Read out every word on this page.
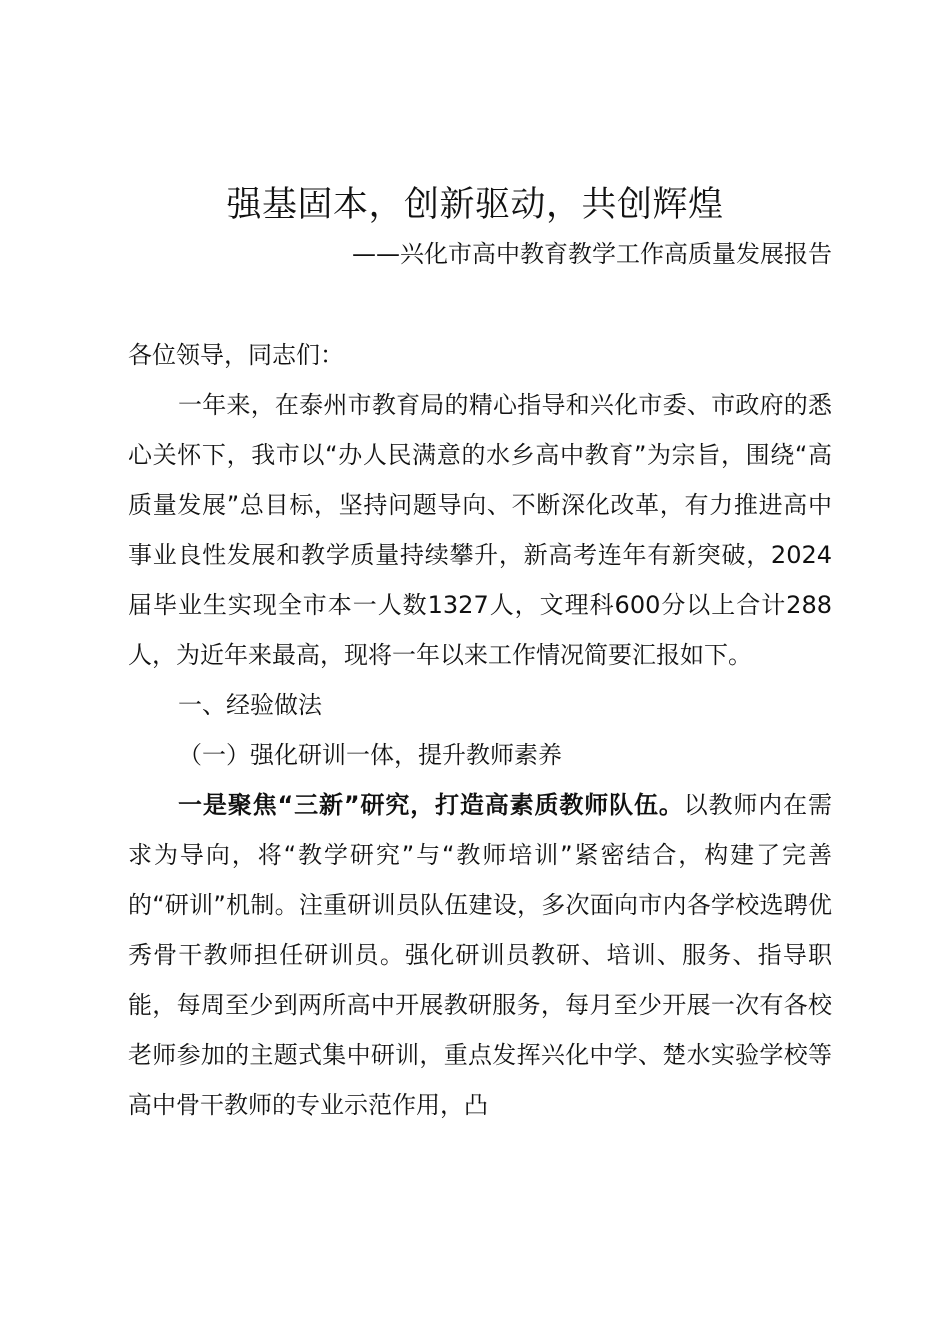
强基固本，创新驱动，共创辉煌
——兴化市高中教育教学工作高质量发展报告

各位领导，同志们：

一年来，在泰州市教育局的精心指导和兴化市委、市政府的悉心关怀下，我市以“办人民满意的水乡高中教育”为宗旨，围绕“高质量发展”总目标，坚持问题导向、不断深化改革，有力推进高中事业良性发展和教学质量持续攀升，新高考连年有新突破，2024届毕业生实现全市本一人数1327人，文理科600分以上合计288人，为近年来最高，现将一年以来工作情况简要汇报如下。

一、经验做法

（一）强化研训一体，提升教师素养

一是聚焦“三新”研究，打造高素质教师队伍。以教师内在需求为导向，将“教学研究”与“教师培训”紧密结合，构建了完善的“研训”机制。注重研训员队伍建设，多次面向市内各学校选聘优秀骨干教师担任研训员。强化研训员教研、培训、服务、指导职能，每周至少到两所高中开展教研服务，每月至少开展一次有各校老师参加的主题式集中研训，重点发挥兴化中学、楚水实验学校等高中骨干教师的专业示范作用，凸
